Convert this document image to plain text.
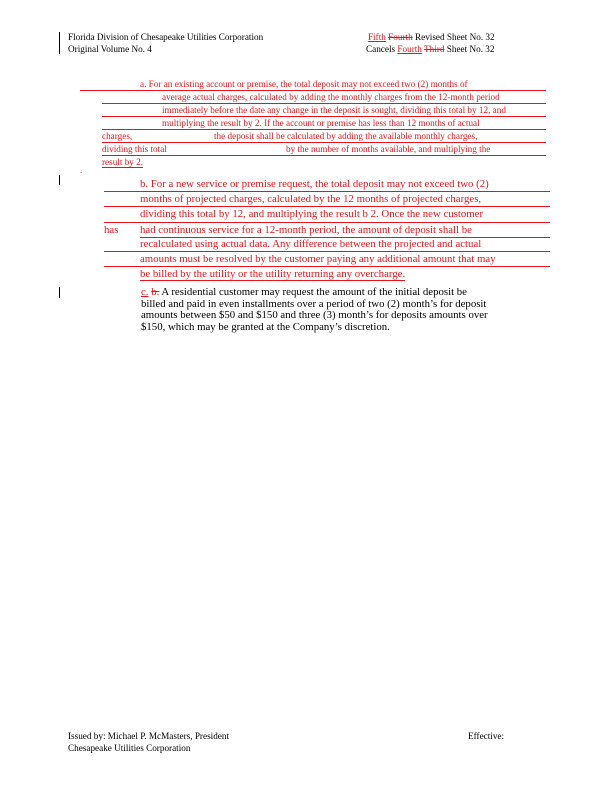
Florida Division of Chesapeake Utilities Corporation
Original Volume No. 4
Fifth Fourth Revised Sheet No. 32
Cancels Fourth Third Sheet No. 32
a. For an existing account or premise, the total deposit may not exceed two (2) months of
average actual charges, calculated by adding the monthly charges from the 12-month period
immediately before the date any change in the deposit is sought, dividing this total by 12, and
multiplying the result by 2. If the account or premise has less than 12 months of actual
charges,	the deposit shall be calculated by adding the available monthly charges,
dividing this total	by the number of months available, and multiplying the
result by 2.
.
b. For a new service or premise request, the total deposit may not exceed two (2)
months of projected charges, calculated by the 12 months of projected charges,
dividing this total by 12, and multiplying the result b 2. Once the new customer
has had continuous service for a 12-month period, the amount of deposit shall be
recalculated using actual data. Any difference between the projected and actual
amounts must be resolved by the customer paying any additional amount that may
be billed by the utility or the utility returning any overcharge.
c. b. A residential customer may request the amount of the initial deposit be
billed and paid in even installments over a period of two (2) month’s for deposit
amounts between $50 and $150 and three (3) month’s for deposits amounts over
$150, which may be granted at the Company’s discretion.
Issued by: Michael P. McMasters, President
Chesapeake Utilities Corporation
Effective:
